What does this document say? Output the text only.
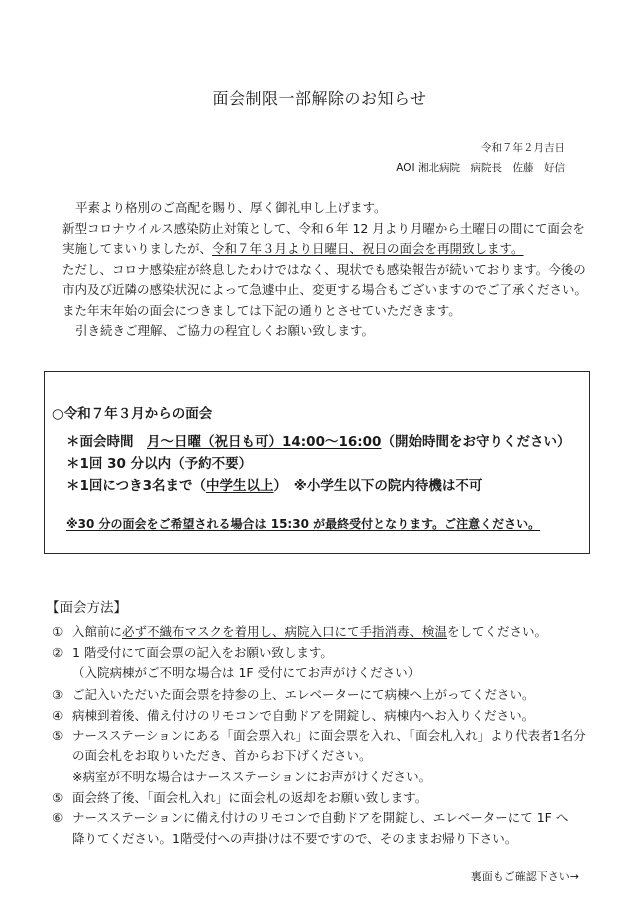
面会制限一部解除のお知らせ
令和７年２月吉日
AOI 湘北病院　病院長　佐藤　好信
平素より格別のご高配を賜り、厚く御礼申し上げます。
新型コロナウイルス感染防止対策として、令和６年 12 月より月曜から土曜日の間にて面会を
実施してまいりましたが、令和７年３月より日曜日、祝日の面会を再開致します。
ただし、コロナ感染症が終息したわけではなく、現状でも感染報告が続いております。今後の
市内及び近隣の感染状況によって急遽中止、変更する場合もございますのでご了承ください。
また年末年始の面会につきましては下記の通りとさせていただきます。
引き続きご理解、ご協力の程宜しくお願い致します。
○令和７年３月からの面会
＊面会時間　月～日曜（祝日も可）14:00～16:00（開始時間をお守りください）
＊1回 30 分以内（予約不要）
＊1回につき3名まで（中学生以上）　※小学生以下の院内待機は不可
※30 分の面会をご希望される場合は 15:30 が最終受付となります。ご注意ください。
【面会方法】
① 入館前に必ず不織布マスクを着用し、病院入口にて手指消毒、検温をしてください。
② 1 階受付にて面会票の記入をお願い致します。
（入院病棟がご不明な場合は 1F 受付にてお声がけください）
③ ご記入いただいた面会票を持参の上、エレベーターにて病棟へ上がってください。
④ 病棟到着後、備え付けのリモコンで自動ドアを開錠し、病棟内へお入りください。
⑤ ナースステーションにある「面会票入れ」に面会票を入れ、「面会札入れ」より代表者1名分
の面会札をお取りいただき、首からお下げください。
※病室が不明な場合はナースステーションにお声がけください。
⑤ 面会終了後、「面会札入れ」に面会札の返却をお願い致します。
⑥ ナースステーションに備え付けのリモコンで自動ドアを開錠し、エレベーターにて 1F へ
降りてください。1階受付への声掛けは不要ですので、そのままお帰り下さい。
裏面もご確認下さい→
